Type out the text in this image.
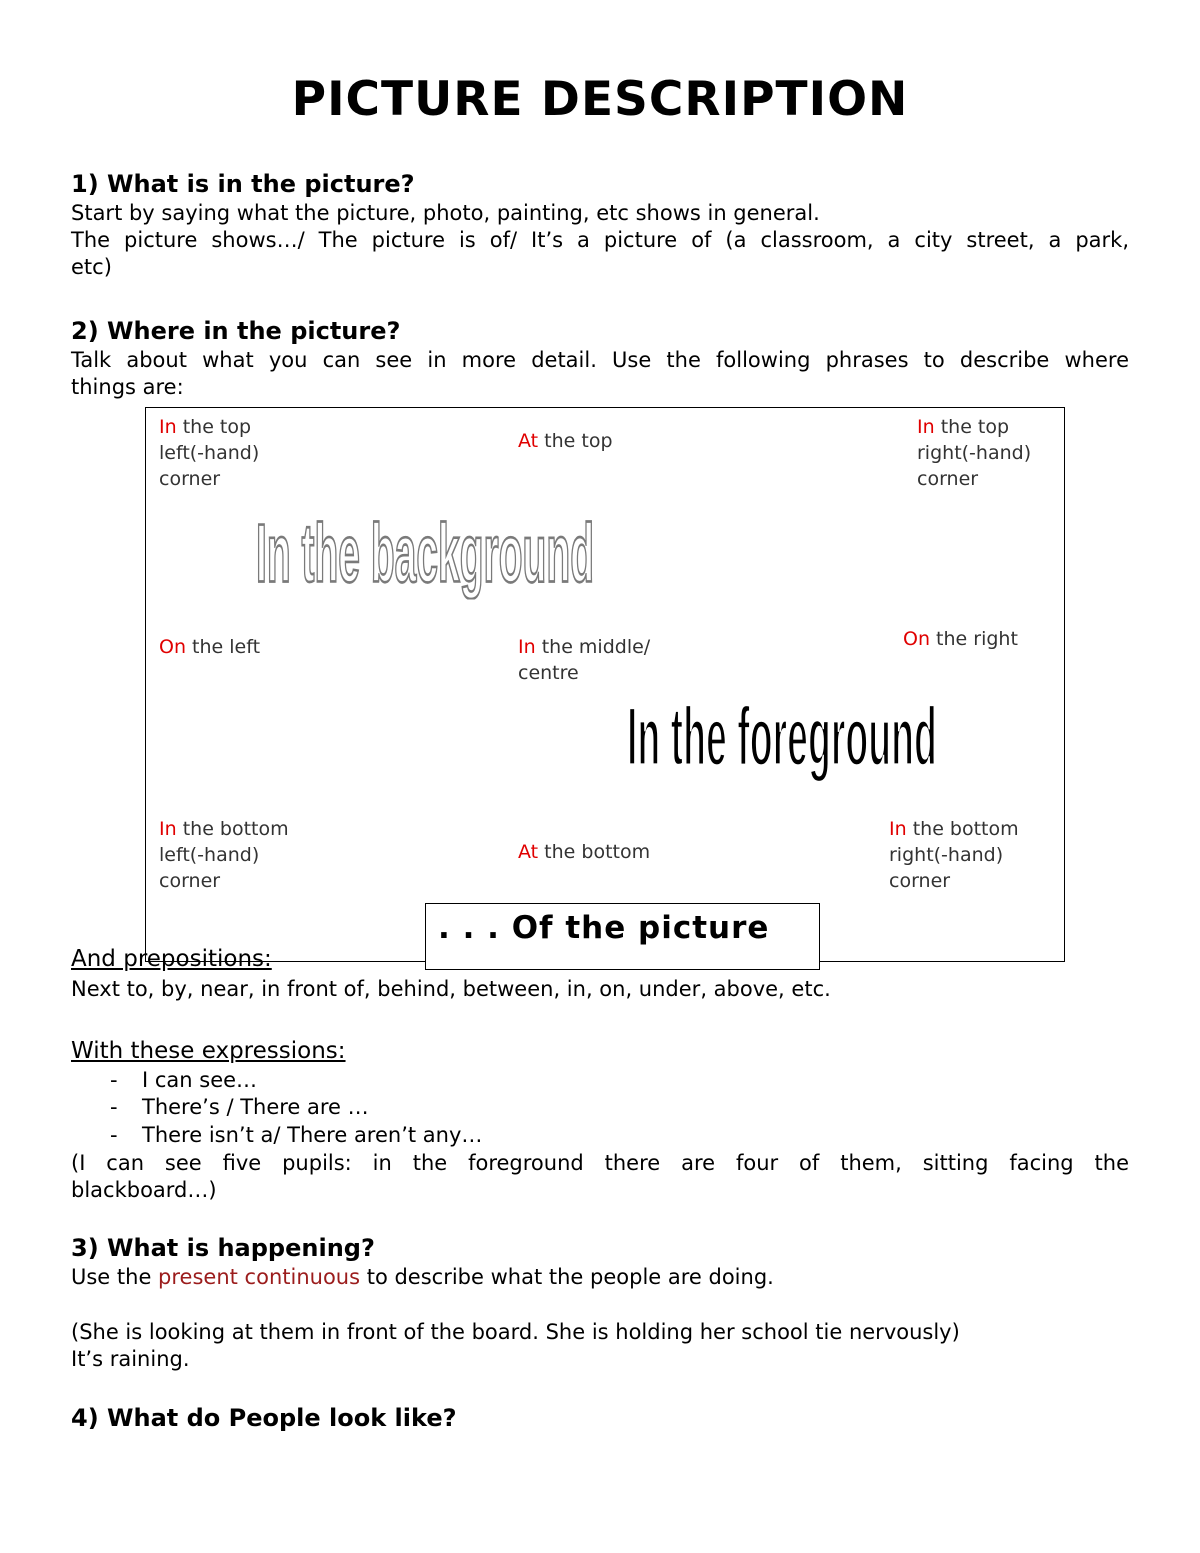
PICTURE DESCRIPTION
1) What is in the picture?
Start by saying what the picture, photo, painting, etc shows in general.
The picture shows…/ The picture is of/ It’s a picture of (a classroom, a city street, a park,
etc)
2) Where in the picture?
Talk about what you can see in more detail. Use the following phrases to describe where
things are:
In the top
left(-hand)
corner
At the top
In the top
right(-hand)
corner
In the background
On the left	In the middle/
centre
On the right
In the foreground
In the bottom
left(-hand)
corner
At the bottom
In the bottom
right(-hand)
corner
And prepositions:
. . . Of the picture
Next to, by, near, in front of, behind, between, in, on, under, above, etc.
With these expressions:
- I can see…
- There’s / There are …
- There isn’t a/ There aren’t any…
(I can see five pupils: in the foreground there are four of them, sitting facing the
blackboard…)
3) What is happening?
Use the present continuous to describe what the people are doing.
(She is looking at them in front of the board. She is holding her school tie nervously)
It’s raining.
4) What do People look like?
